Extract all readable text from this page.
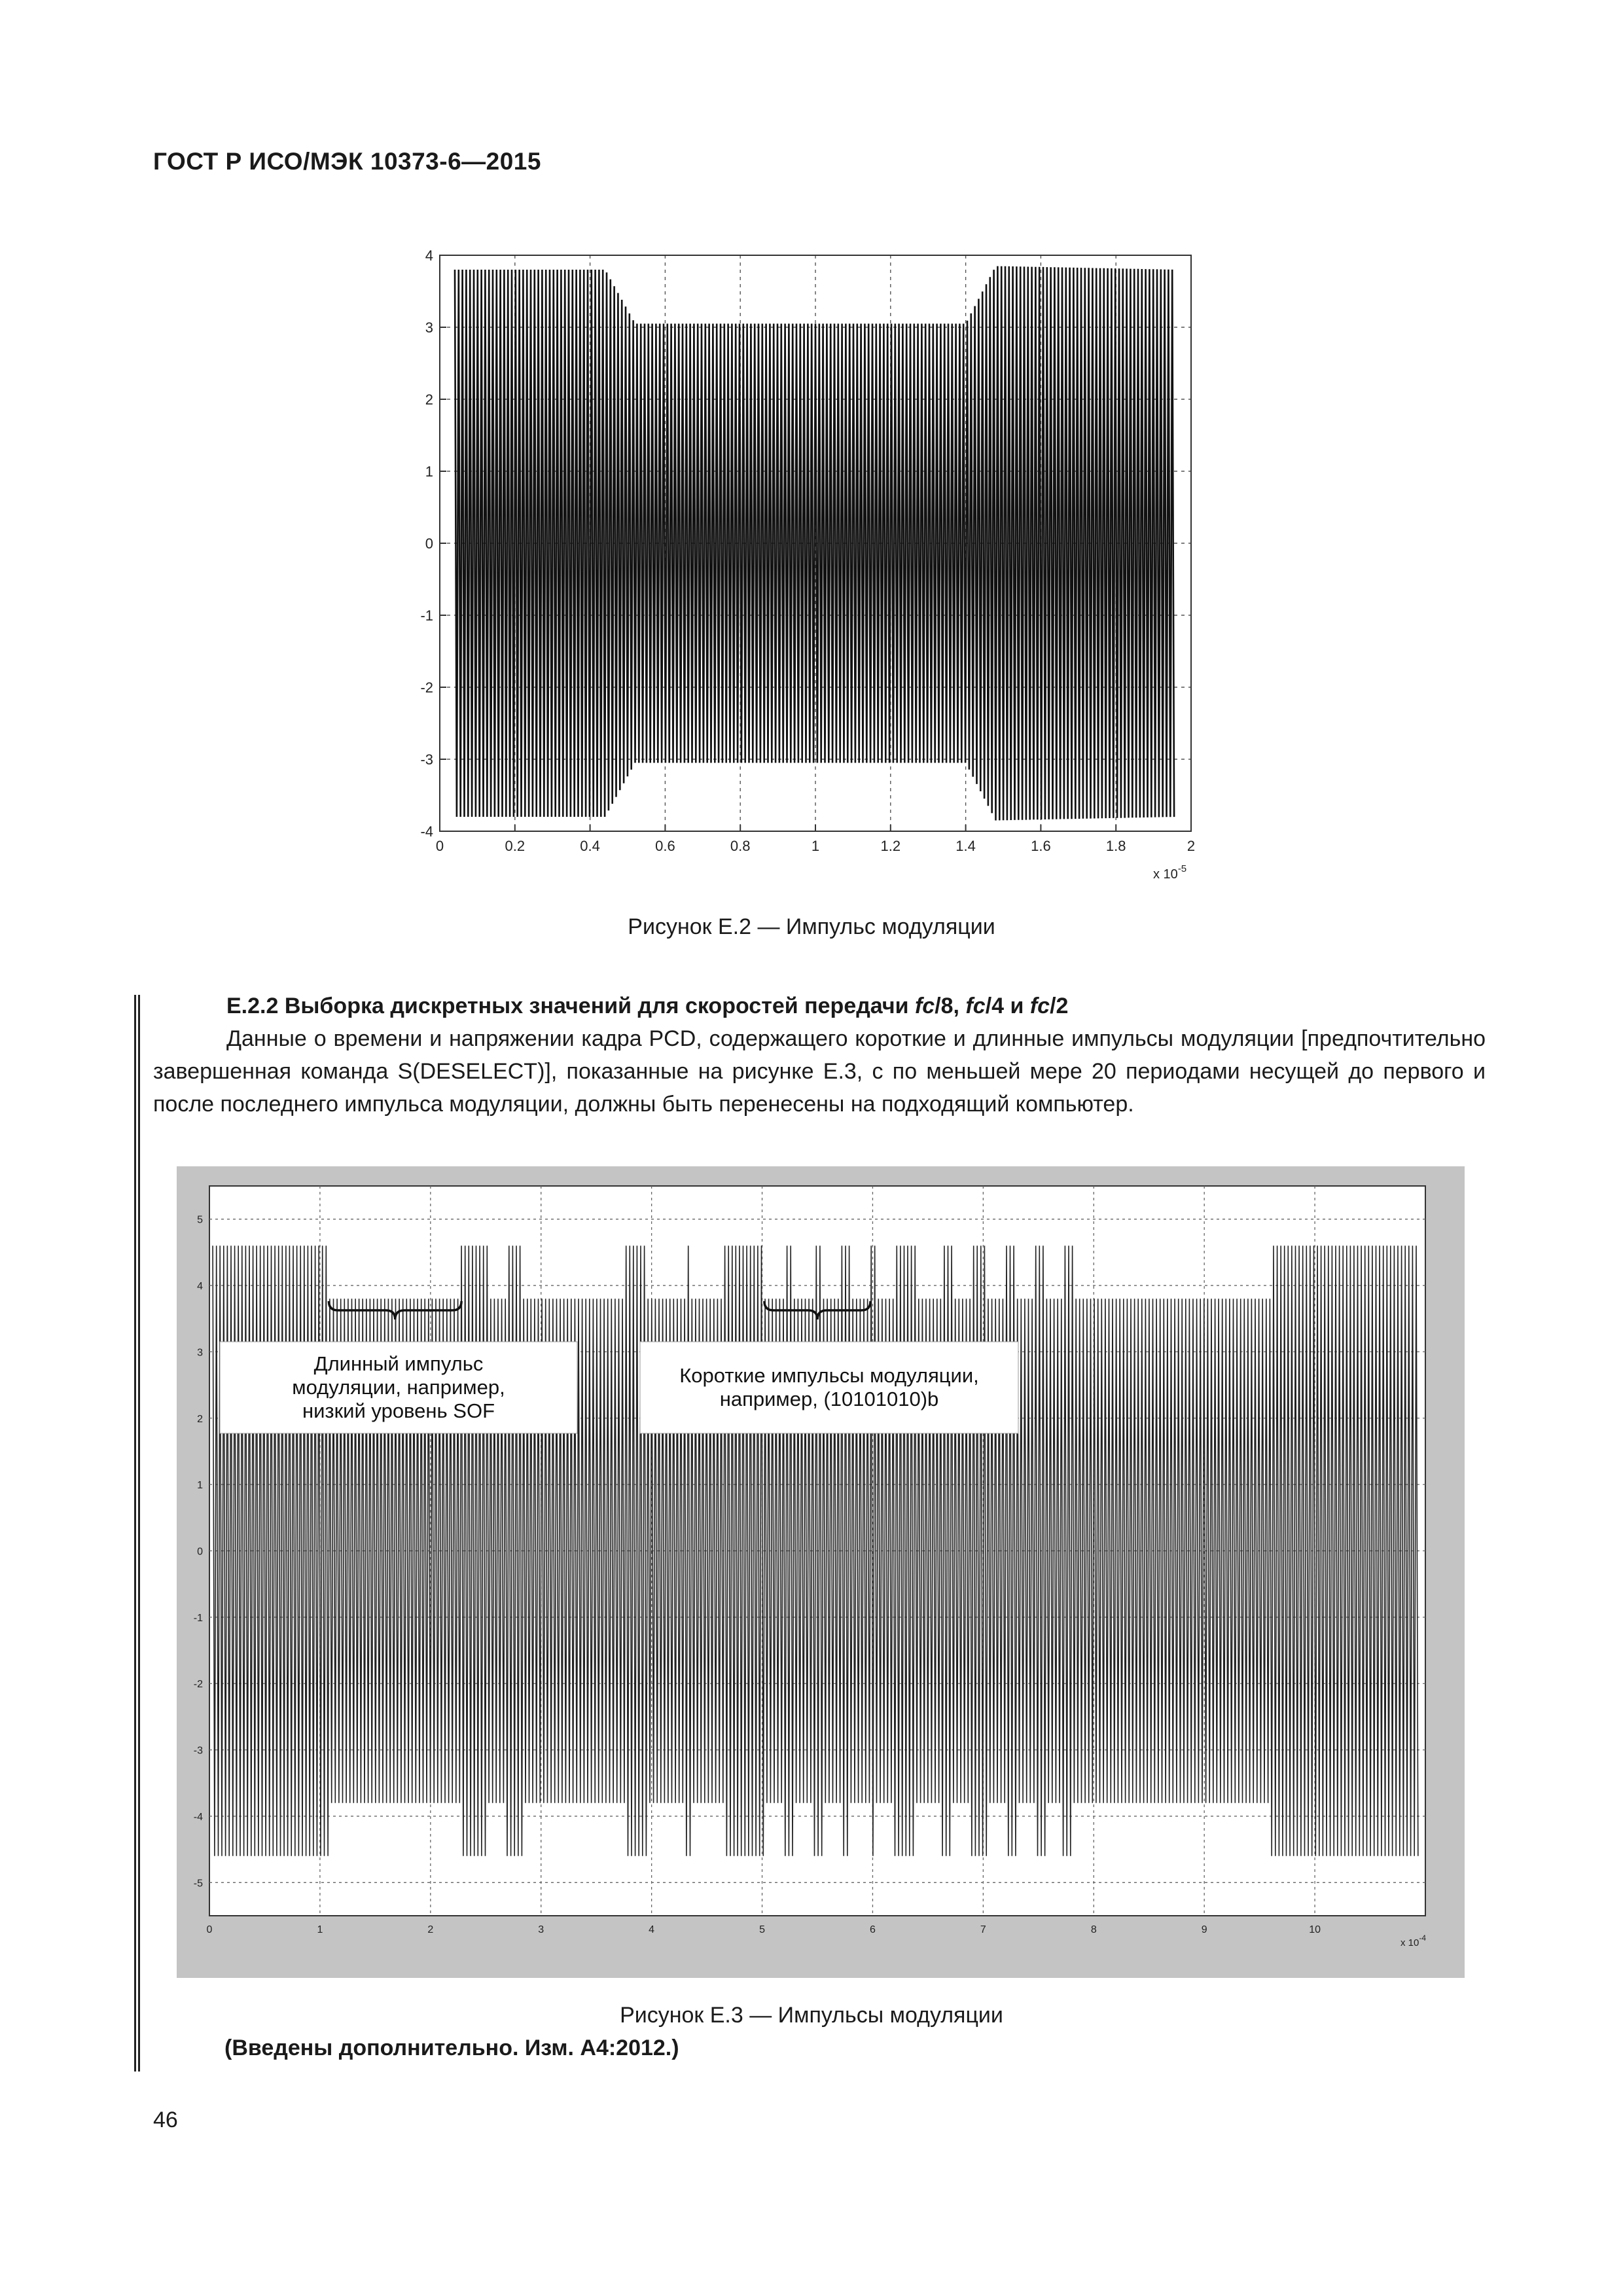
ГОСТ Р ИСО/МЭК 10373-6—2015
0	0.2	0.4	0.6	0.8	1	1.2	1.4	1.6	1.8	2
-4
-3
-2
-1
0
1
2
3
4
x $10^{-5}$
Рисунок Е.2 — Импульс модуляции
Е.2.2 Выборка дискретных значений для скоростей передачи fc/8, fc/4 и fc/2

Данные о времени и напряжении кадра PCD, содержащего короткие и длинные импульсы модуляции [предпочтительно завершенная команда S(DESELECT)], показанные на рисунке Е.3, с по меньшей мере 20 периодами несущей до первого и после последнего импульса модуляции, должны быть перенесены на подходящий компьютер.

0	1	2	3	4	5	6	7	8	9	10
5
4
3
2
1
0
-1
-2
-3
-4
-5
x $10^{-4}$
Длинный импульс
модуляции, например,
низкий уровень SOF
Короткие импульсы модуляции,
например, (10101010)b
Рисунок Е.3 — Импульсы модуляции
(Введены дополнительно. Изм. А4:2012.)
46
